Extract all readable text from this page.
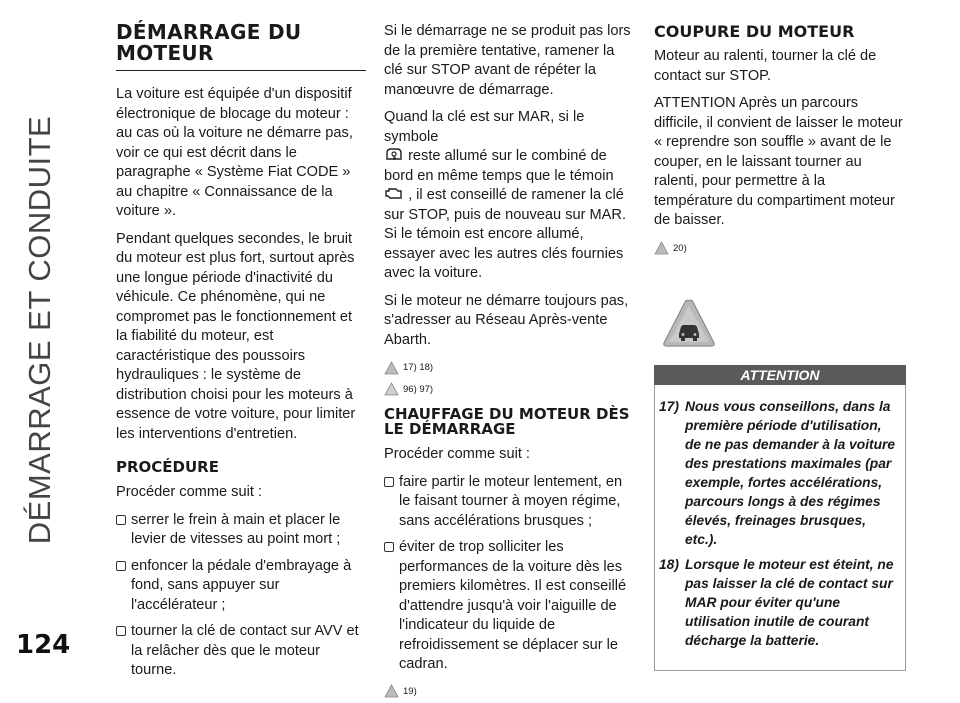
DÉMARRAGE ET CONDUITE
124
DÉMARRAGE DU MOTEUR

La voiture est équipée d'un dispositif électronique de blocage du moteur : au cas où la voiture ne démarre pas, voir ce qui est décrit dans le paragraphe « Système Fiat CODE » au chapitre « Connaissance de la voiture ».

Pendant quelques secondes, le bruit du moteur est plus fort, surtout après une longue période d'inactivité du véhicule. Ce phénomène, qui ne compromet pas le fonctionnement et la fiabilité du moteur, est caractéristique des poussoirs hydrauliques : le système de distribution choisi pour les moteurs à essence de votre voiture, pour limiter les interventions d'entretien.

PROCÉDURE

Procéder comme suit :

serrer le frein à main et placer le levier de vitesses au point mort ;
enfoncer la pédale d'embrayage à fond, sans appuyer sur l'accélérateur ;
tourner la clé de contact sur AVV et la relâcher dès que le moteur tourne.

Si le démarrage ne se produit pas lors de la première tentative, ramener la clé sur STOP avant de répéter la manœuvre de démarrage.

Quand la clé est sur MAR, si le symbole
reste allumé sur le combiné de bord en même temps que le témoin
, il est conseillé de ramener la clé sur STOP, puis de nouveau sur MAR. Si le témoin est encore allumé, essayer avec les autres clés fournies avec la voiture.

Si le moteur ne démarre toujours pas, s'adresser au Réseau Après-vente Abarth.

17) 18)
96) 97)
CHAUFFAGE DU MOTEUR DÈS LE DÉMARRAGE

Procéder comme suit :

faire partir le moteur lentement, en le faisant tourner à moyen régime, sans accélérations brusques ;
éviter de trop solliciter les performances de la voiture dès les premiers kilomètres. Il est conseillé d'attendre jusqu'à voir l'aiguille de l'indicateur du liquide de refroidissement se déplacer sur le cadran.
19)
COUPURE DU MOTEUR

Moteur au ralenti, tourner la clé de contact sur STOP.

ATTENTION Après un parcours difficile, il convient de laisser le moteur « reprendre son souffle » avant de le couper, en le laissant tourner au ralenti, pour permettre à la température du compartiment moteur de baisser.

20)
ATTENTION
17) Nous vous conseillons, dans la première période d'utilisation, de ne pas demander à la voiture des prestations maximales (par exemple, fortes accélérations, parcours longs à des régimes élevés, freinages brusques, etc.).
18) Lorsque le moteur est éteint, ne pas laisser la clé de contact sur MAR pour éviter qu'une utilisation inutile de courant décharge la batterie.
